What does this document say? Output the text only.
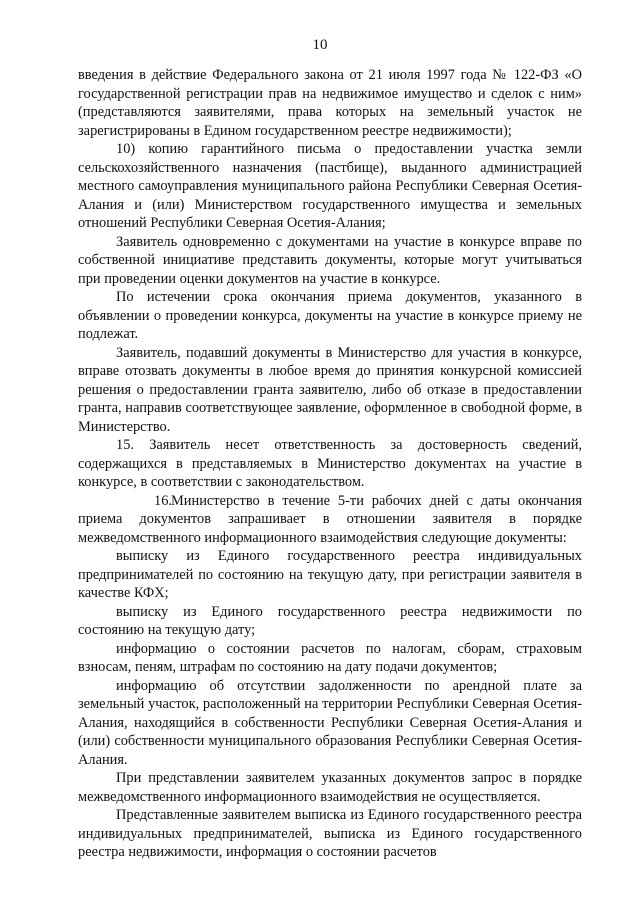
10

введения в действие Федерального закона от 21 июля 1997 года № 122-ФЗ «О государственной регистрации прав на недвижимое имущество и сделок с ним» (представляются заявителями, права которых на земельный участок не зарегистрированы в Едином государственном реестре недвижимости);

10) копию гарантийного письма о предоставлении участка земли сельскохозяйственного назначения (пастбище), выданного администрацией местного самоуправления муниципального района Республики Северная Осетия-Алания и (или) Министерством государственного имущества и земельных отношений Республики Северная Осетия-Алания;

Заявитель одновременно с документами на участие в конкурсе вправе по собственной инициативе представить документы, которые могут учитываться при проведении оценки документов на участие в конкурсе.

По истечении срока окончания приема документов, указанного в объявлении о проведении конкурса, документы на участие в конкурсе приему не подлежат.

Заявитель, подавший документы в Министерство для участия в конкурсе, вправе отозвать документы в любое время до принятия конкурсной комиссией решения о предоставлении гранта заявителю, либо об отказе в предоставлении гранта, направив соответствующее заявление, оформленное в свободной форме, в Министерство.

15. Заявитель несет ответственность за достоверность сведений, содержащихся в представляемых в Министерство документах на участие в конкурсе, в соответствии с законодательством.

16.Министерство в течение 5-ти рабочих дней с даты окончания приема документов запрашивает в отношении заявителя в порядке межведомственного информационного взаимодействия следующие документы:

выписку из Единого государственного реестра индивидуальных предпринимателей по состоянию на текущую дату, при регистрации заявителя в качестве КФХ;

выписку из Единого государственного реестра недвижимости по состоянию на текущую дату;

информацию о состоянии расчетов по налогам, сборам, страховым взносам, пеням, штрафам по состоянию на дату подачи документов;

информацию об отсутствии задолженности по арендной плате за земельный участок, расположенный на территории Республики Северная Осетия-Алания, находящийся в собственности Республики Северная Осетия-Алания и (или) собственности муниципального образования Республики Северная Осетия-Алания.

При представлении заявителем указанных документов запрос в порядке межведомственного информационного взаимодействия не осуществляется.

Представленные заявителем выписка из Единого государственного реестра индивидуальных предпринимателей, выписка из Единого государственного реестра недвижимости, информация о состоянии расчетов
